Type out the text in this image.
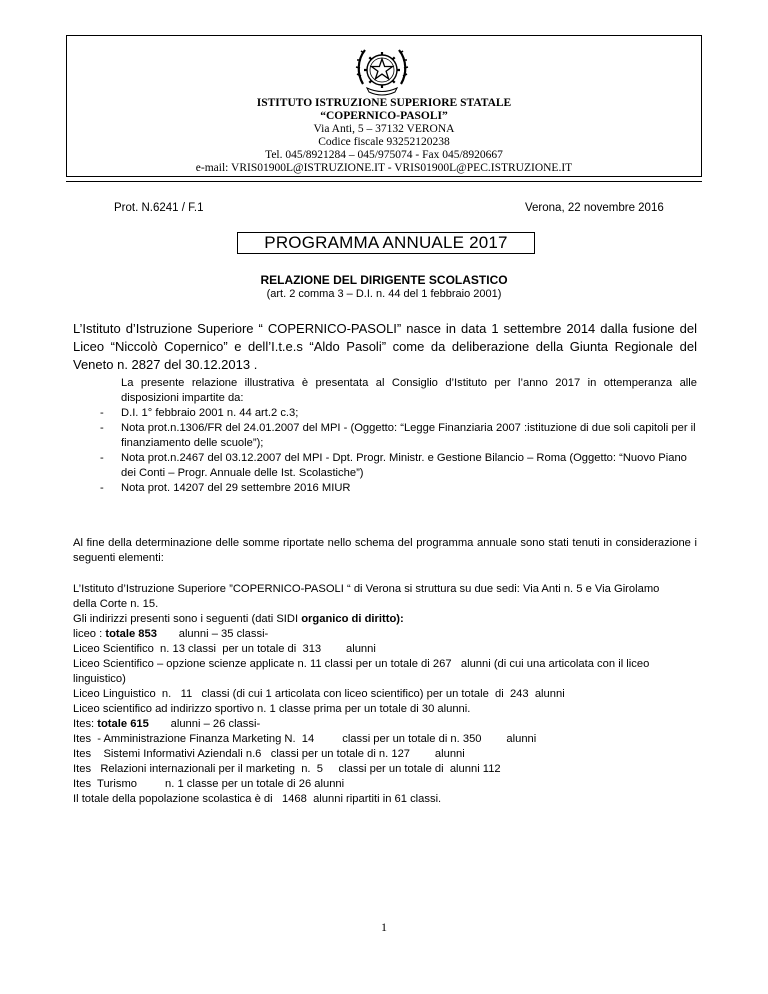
ISTITUTO ISTRUZIONE SUPERIORE STATALE
“COPERNICO-PASOLI”
Via Anti, 5 – 37132 VERONA
Codice fiscale 93252120238
Tel. 045/8921284 – 045/975074 - Fax 045/8920667
e-mail: VRIS01900L@ISTRUZIONE.IT - VRIS01900L@PEC.ISTRUZIONE.IT
Prot. N.6241 / F.1	Verona, 22 novembre 2016
PROGRAMMA ANNUALE 2017
RELAZIONE DEL DIRIGENTE SCOLASTICO
(art. 2 comma 3 – D.I. n. 44 del 1 febbraio 2001)
L’Istituto d’Istruzione Superiore “ COPERNICO-PASOLI” nasce in data 1 settembre 2014 dalla fusione del Liceo “Niccolò Copernico” e dell’I.t.e.s “Aldo Pasoli” come da deliberazione della Giunta Regionale del Veneto n. 2827 del 30.12.2013 .
La presente relazione illustrativa è presentata al Consiglio d’Istituto per l’anno 2017 in ottemperanza alle disposizioni impartite da:
- D.I. 1° febbraio 2001 n. 44 art.2 c.3;
- Nota prot.n.1306/FR del 24.01.2007 del MPI - (Oggetto: “Legge Finanziaria 2007 :istituzione di due soli capitoli per il finanziamento delle scuole”);
- Nota prot.n.2467 del 03.12.2007 del MPI - Dpt. Progr. Ministr. e Gestione Bilancio – Roma (Oggetto: “Nuovo Piano dei Conti – Progr. Annuale delle Ist. Scolastiche”)
- Nota prot. 14207 del 29 settembre 2016 MIUR
Al fine della determinazione delle somme riportate nello schema del programma annuale sono stati tenuti in considerazione i seguenti elementi:
L’Istituto d’Istruzione Superiore ”COPERNICO-PASOLI “ di Verona si struttura su due sedi: Via Anti n. 5 e Via Girolamo
della Corte n. 15.
Gli indirizzi presenti sono i seguenti (dati SIDI organico di diritto):
liceo : totale 853       alunni – 35 classi-
Liceo Scientifico  n. 13 classi  per un totale di  313        alunni
Liceo Scientifico – opzione scienze applicate n. 11 classi per un totale di 267   alunni (di cui una articolata con il liceo
linguistico)
Liceo Linguistico  n.   11   classi (di cui 1 articolata con liceo scientifico) per un totale  di  243  alunni
Liceo scientifico ad indirizzo sportivo n. 1 classe prima per un totale di 30 alunni.
Ites: totale 615       alunni – 26 classi-
Ites  - Amministrazione Finanza Marketing N.  14         classi per un totale di n. 350        alunni
Ites    Sistemi Informativi Aziendali n.6   classi per un totale di n. 127        alunni
Ites   Relazioni internazionali per il marketing  n.  5     classi per un totale di  alunni 112
Ites  Turismo         n. 1 classe per un totale di 26 alunni
Il totale della popolazione scolastica è di   1468  alunni ripartiti in 61 classi.
1
